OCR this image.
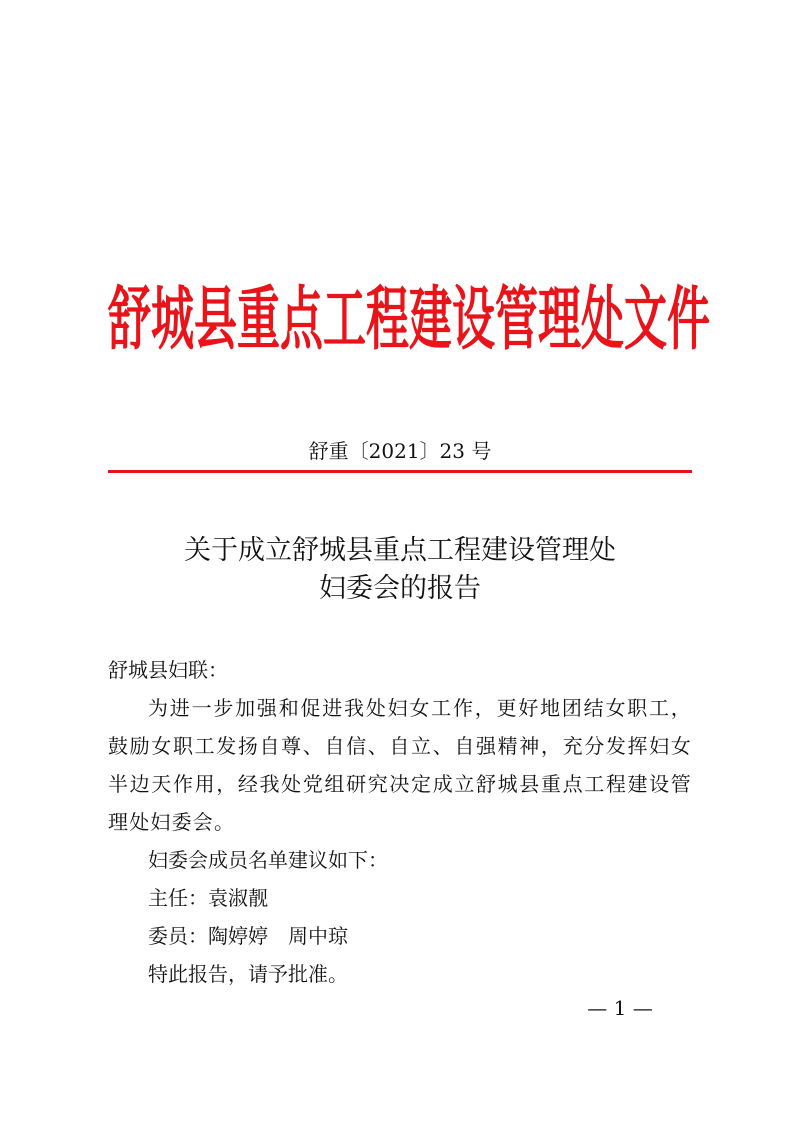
舒城县重点工程建设管理处文件
舒重〔2021〕23 号
关于成立舒城县重点工程建设管理处
妇委会的报告
舒城县妇联：

为进一步加强和促进我处妇女工作，更好地团结女职工，鼓励女职工发扬自尊、自信、自立、自强精神，充分发挥妇女半边天作用，经我处党组研究决定成立舒城县重点工程建设管理处妇委会。

妇委会成员名单建议如下：
主任：袁淑靓
委员：陶婷婷　周中琼
特此报告，请予批准。
— 1 —
